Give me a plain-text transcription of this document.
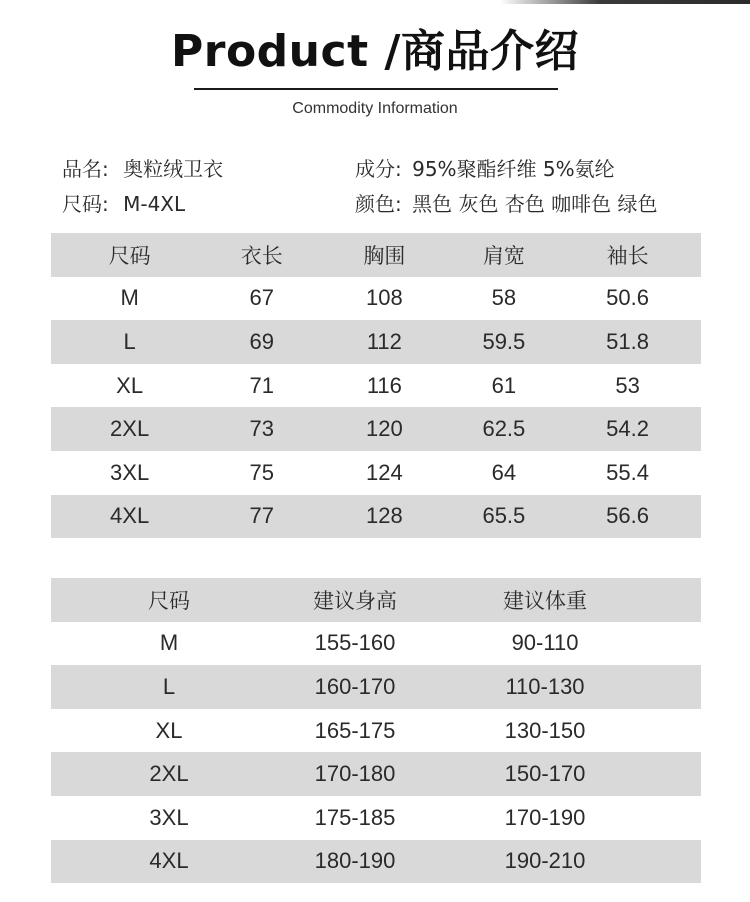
Product /商品介绍
Commodity Information
品名: 奥粒绒卫衣
尺码: M-4XL
成分: 95%聚酯纤维 5%氨纶
颜色: 黑色 灰色 杏色 咖啡色 绿色
尺码	衣长	胸围	肩宽	袖长
M	67	108	58	50.6
L	69	112	59.5	51.8
XL	71	116	61	53
2XL	73	120	62.5	54.2
3XL	75	124	64	55.4
4XL	77	128	65.5	56.6
尺码	建议身高	建议体重	
M	155-160	90-110	
L	160-170	110-130	
XL	165-175	130-150	
2XL	170-180	150-170	
3XL	175-185	170-190	
4XL	180-190	190-210	
